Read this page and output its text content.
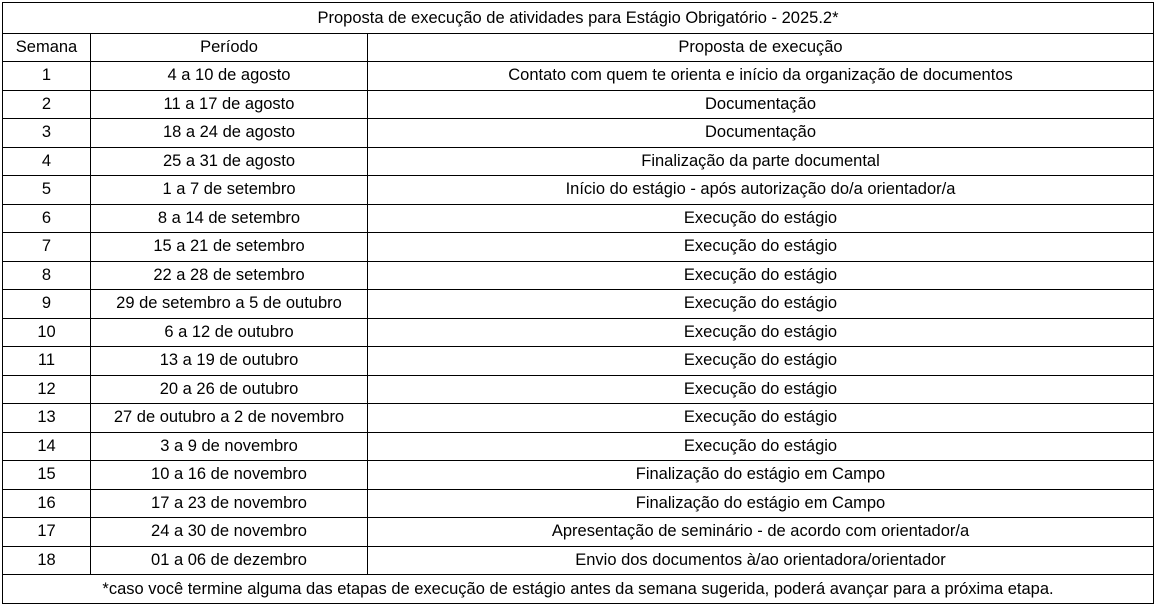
Proposta de execução de atividades para Estágio Obrigatório - 2025.2*		
Semana	Período	Proposta de execução
1	4 a 10 de agosto	Contato com quem te orienta e início da organização de documentos
2	11 a 17 de agosto	Documentação
3	18 a 24 de agosto	Documentação
4	25 a 31 de agosto	Finalização da parte documental
5	1 a 7 de setembro	Início do estágio - após autorização do/a orientador/a
6	8 a 14 de setembro	Execução do estágio
7	15 a 21 de setembro	Execução do estágio
8	22 a 28 de setembro	Execução do estágio
9	29 de setembro a 5 de outubro	Execução do estágio
10	6 a 12 de outubro	Execução do estágio
11	13 a 19 de outubro	Execução do estágio
12	20 a 26 de outubro	Execução do estágio
13	27 de outubro a 2 de novembro	Execução do estágio
14	3 a 9 de novembro	Execução do estágio
15	10 a 16 de novembro	Finalização do estágio em Campo
16	17 a 23 de novembro	Finalização do estágio em Campo
17	24 a 30 de novembro	Apresentação de seminário - de acordo com orientador/a
18	01 a 06 de dezembro	Envio dos documentos à/ao orientadora/orientador
*caso você termine alguma das etapas de execução de estágio antes da semana sugerida, poderá avançar para a próxima etapa.		
